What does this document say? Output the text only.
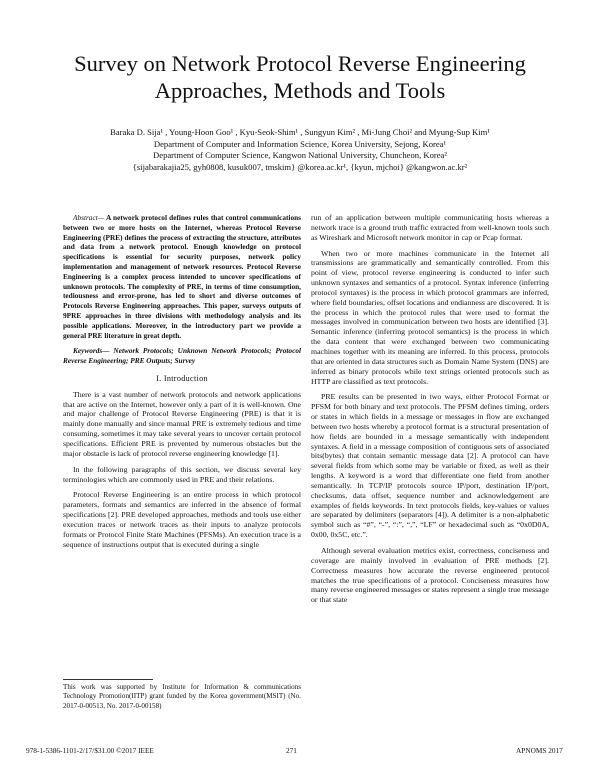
Survey on Network Protocol Reverse Engineering
Approaches, Methods and Tools
Baraka D. Sija¹ , Young-Hoon Goo¹ , Kyu-Seok-Shim¹ , Sungyun Kim² , Mi-Jung Choi² and Myung-Sup Kim¹
Department of Computer and Information Science, Korea University, Sejong, Korea¹
Department of Computer Science, Kangwon National University, Chuncheon, Korea²
{sijabarakajia25, gyh0808, kusuk007, tmskim} @korea.ac.kr¹, {kyun, mjchoi} @kangwon.ac.kr²

Abstract— A network protocol defines rules that control communications between two or more hosts on the Internet, whereas Protocol Reverse Engineering (PRE) defines the process of extracting the structure, attributes and data from a network protocol. Enough knowledge on protocol specifications is essential for security purposes, network policy implementation and management of network resources. Protocol Reverse Engineering is a complex process intended to uncover specifications of unknown protocols. The complexity of PRE, in terms of time consumption, tediousness and error-prone, has led to short and diverse outcomes of Protocols Reverse Engineering approaches. This paper, surveys outputs of 9PRE approaches in three divisions with methodology analysis and its possible applications. Moreover, in the introductory part we provide a general PRE literature in great depth.

Keywords— Network Protocols; Unknown Network Protocols; Protocol Reverse Engineering; PRE Outputs; Survey

I. Introduction

There is a vast number of network protocols and network applications that are active on the Internet, however only a part of it is well-known. One and major challenge of Protocol Reverse Engineering (PRE) is that it is mainly done manually and since manual PRE is extremely tedious and time consuming, sometimes it may take several years to uncover certain protocol specifications. Efficient PRE is prevented by numerous obstacles but the major obstacle is lack of protocol reverse engineering knowledge [1].

In the following paragraphs of this section, we discuss several key terminologies which are commonly used in PRE and their relations.

Protocol Reverse Engineering is an entire process in which protocol parameters, formats and semantics are inferred in the absence of formal specifications [2]. PRE developed approaches, methods and tools use either execution traces or network traces as their inputs to analyze protocols formats or Protocol Finite State Machines (PFSMs). An execution trace is a sequence of instructions output that is executed during a single

run of an application between multiple communicating hosts whereas a network trace is a ground truth traffic extracted from well-known tools such as Wireshark and Microsoft network monitor in cap or Pcap format.

When two or more machines communicate in the Internet all transmissions are grammatically and semantically controlled. From this point of view, protocol reverse engineering is conducted to infer such unknown syntaxes and semantics of a protocol. Syntax inference (inferring protocol syntaxes) is the process in which protocol grammars are inferred, where field boundaries, offset locations and endianness are discovered. It is the process in which the protocol rules that were used to format the messages involved in communication between two hosts are identified [3]. Semantic inference (inferring protocol semantics) is the process in which the data content that were exchanged between two communicating machines together with its meaning are inferred. In this process, protocols that are oriented in data structures such as Domain Name System (DNS) are inferred as binary protocols while text strings oriented protocols such as HTTP are classified as text protocols.

PRE results can be presented in two ways, either Protocol Format or PFSM for both binary and text protocols. The PFSM defines timing, orders or states in which fields in a message or messages in flow are exchanged between two hosts whereby a protocol format is a structural presentation of how fields are bounded in a message semantically with independent syntaxes. A field in a message composition of contiguous sets of associated bits(bytes) that contain semantic message data [2]. A protocol can have several fields from which some may be variable or fixed, as well as their lengths. A keyword is a word that differentiate one field from another semantically. In TCP/IP protocols source IP/port, destination IP/port, checksums, data offset, sequence number and acknowledgement are examples of fields keywords. In text protocols fields, key-values or values are separated by delimiters (separators [4]). A delimiter is a non-alphabetic symbol such as “#”, “-”, “:”, “,”, “LF” or hexadecimal such as “0x0D0A, 0x00, 0x5C, etc.”.

Although several evaluation metrics exist, correctness, conciseness and coverage are mainly involved in evaluation of PRE methods [2]. Correctness measures how accurate the reverse engineered protocol matches the true specifications of a protocol. Conciseness measures how many reverse engineered messages or states represent a single true message or that state

This work was supported by Institute for Information & communications Technology Promotion(IITP) grant funded by the Korea government(MSIT) (No. 2017-0-00513, No. 2017-0-00158)
978-1-5386-1101-2/17/$31.00 ©2017 IEEE	271	APNOMS 2017
